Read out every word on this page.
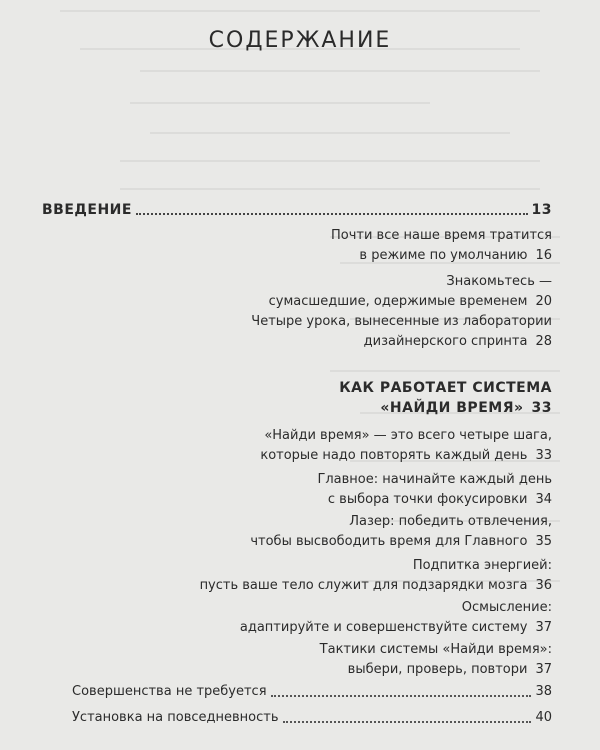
СОДЕРЖАНИЕ
ВВЕДЕНИЕ	13
Почти все наше время тратится
в режиме по умолчанию 16
Знакомьтесь —
сумасшедшие, одержимые временем 20
Четыре урока, вынесенные из лаборатории
дизайнерского спринта 28
КАК РАБОТАЕТ СИСТЕМА
«НАЙДИ ВРЕМЯ» 33
«Найди время» — это всего четыре шага,
которые надо повторять каждый день 33
Главное: начинайте каждый день
с выбора точки фокусировки 34
Лазер: победить отвлечения,
чтобы высвободить время для Главного 35
Подпитка энергией:
пусть ваше тело служит для подзарядки мозга 36
Осмысление:
адаптируйте и совершенствуйте систему 37
Тактики системы «Найди время»:
выбери, проверь, повтори 37
Совершенства не требуется	38
Установка на повседневность	40
